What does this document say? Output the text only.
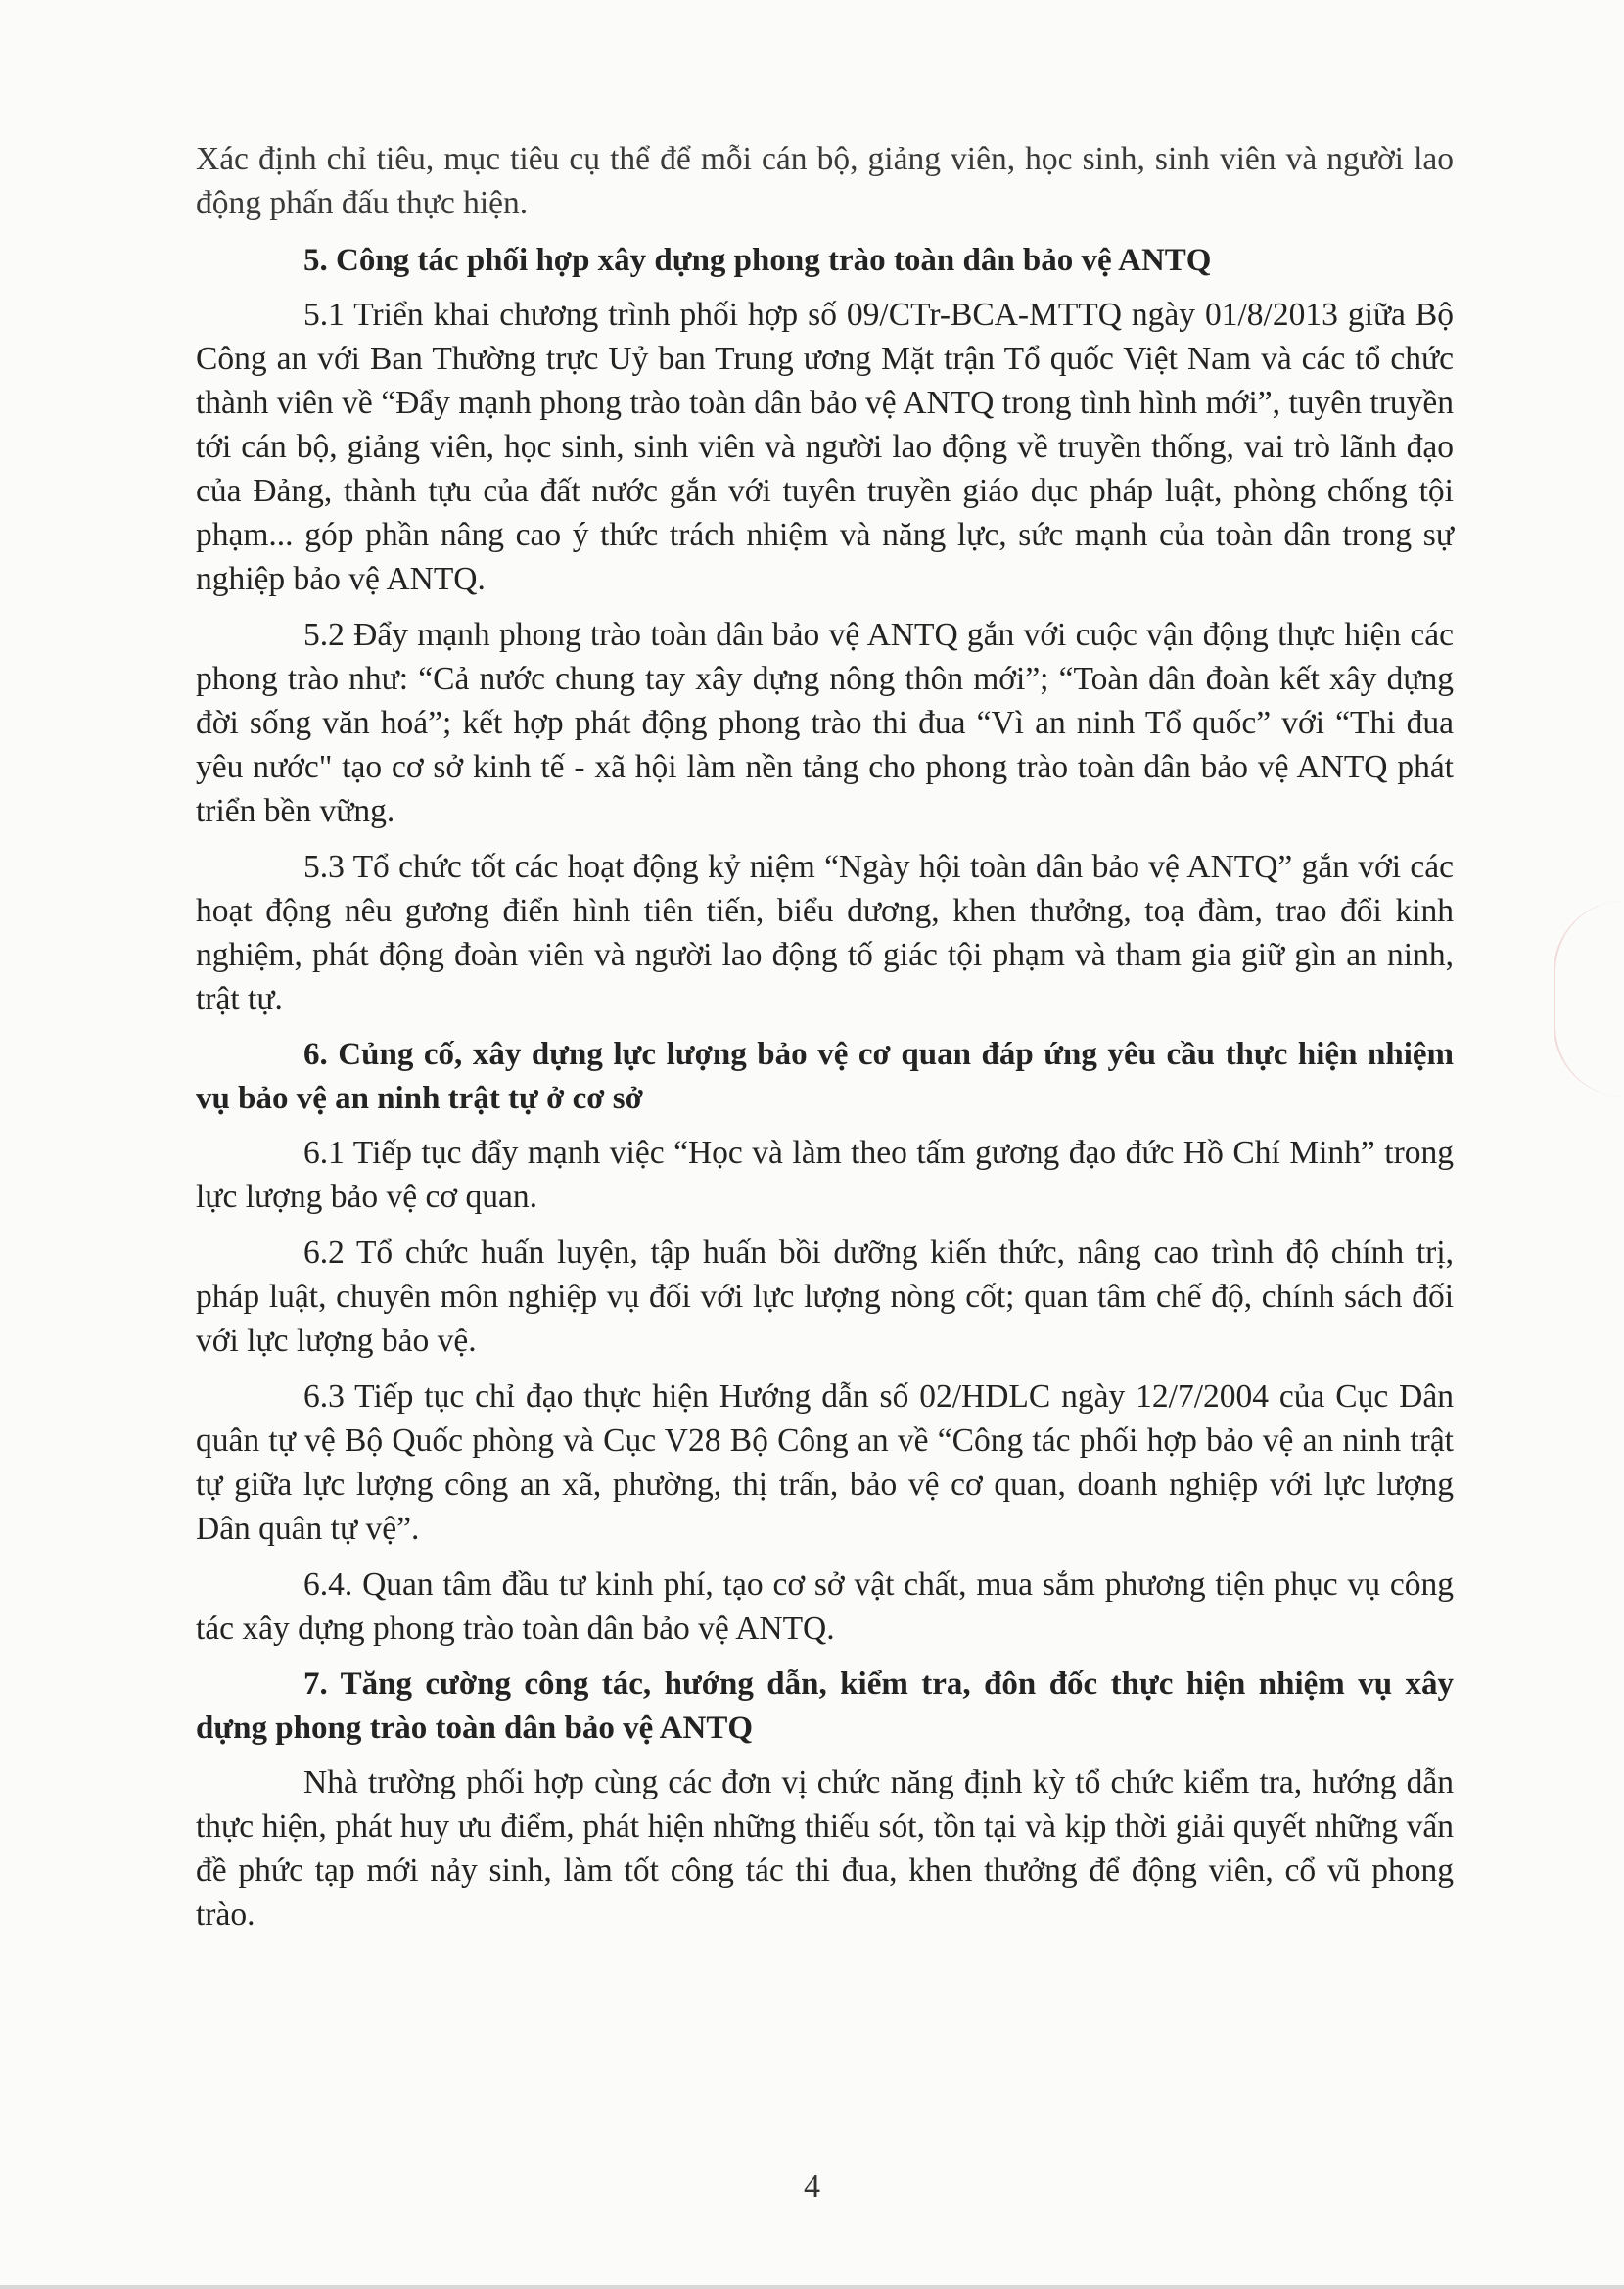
Xác định chỉ tiêu, mục tiêu cụ thể để mỗi cán bộ, giảng viên, học sinh, sinh viên và người lao động phấn đấu thực hiện.

5. Công tác phối hợp xây dựng phong trào toàn dân bảo vệ ANTQ

5.1 Triển khai chương trình phối hợp số 09/CTr-BCA-MTTQ ngày 01/8/2013 giữa Bộ Công an với Ban Thường trực Uỷ ban Trung ương Mặt trận Tổ quốc Việt Nam và các tổ chức thành viên về “Đẩy mạnh phong trào toàn dân bảo vệ ANTQ trong tình hình mới”, tuyên truyền tới cán bộ, giảng viên, học sinh, sinh viên và người lao động về truyền thống, vai trò lãnh đạo của Đảng, thành tựu của đất nước gắn với tuyên truyền giáo dục pháp luật, phòng chống tội phạm... góp phần nâng cao ý thức trách nhiệm và năng lực, sức mạnh của toàn dân trong sự nghiệp bảo vệ ANTQ.

5.2 Đẩy mạnh phong trào toàn dân bảo vệ ANTQ gắn với cuộc vận động thực hiện các phong trào như: “Cả nước chung tay xây dựng nông thôn mới”; “Toàn dân đoàn kết xây dựng đời sống văn hoá”; kết hợp phát động phong trào thi đua “Vì an ninh Tổ quốc” với “Thi đua yêu nước" tạo cơ sở kinh tế - xã hội làm nền tảng cho phong trào toàn dân bảo vệ ANTQ phát triển bền vững.

5.3 Tổ chức tốt các hoạt động kỷ niệm “Ngày hội toàn dân bảo vệ ANTQ” gắn với các hoạt động nêu gương điển hình tiên tiến, biểu dương, khen thưởng, toạ đàm, trao đổi kinh nghiệm, phát động đoàn viên và người lao động tố giác tội phạm và tham gia giữ gìn an ninh, trật tự.

6. Củng cố, xây dựng lực lượng bảo vệ cơ quan đáp ứng yêu cầu thực hiện nhiệm vụ bảo vệ an ninh trật tự ở cơ sở

6.1 Tiếp tục đẩy mạnh việc “Học và làm theo tấm gương đạo đức Hồ Chí Minh” trong lực lượng bảo vệ cơ quan.

6.2 Tổ chức huấn luyện, tập huấn bồi dưỡng kiến thức, nâng cao trình độ chính trị, pháp luật, chuyên môn nghiệp vụ đối với lực lượng nòng cốt; quan tâm chế độ, chính sách đối với lực lượng bảo vệ.

6.3 Tiếp tục chỉ đạo thực hiện Hướng dẫn số 02/HDLC ngày 12/7/2004 của Cục Dân quân tự vệ Bộ Quốc phòng và Cục V28 Bộ Công an về “Công tác phối hợp bảo vệ an ninh trật tự giữa lực lượng công an xã, phường, thị trấn, bảo vệ cơ quan, doanh nghiệp với lực lượng Dân quân tự vệ”.

6.4. Quan tâm đầu tư kinh phí, tạo cơ sở vật chất, mua sắm phương tiện phục vụ công tác xây dựng phong trào toàn dân bảo vệ ANTQ.

7. Tăng cường công tác, hướng dẫn, kiểm tra, đôn đốc thực hiện nhiệm vụ xây dựng phong trào toàn dân bảo vệ ANTQ

Nhà trường phối hợp cùng các đơn vị chức năng định kỳ tổ chức kiểm tra, hướng dẫn thực hiện, phát huy ưu điểm, phát hiện những thiếu sót, tồn tại và kịp thời giải quyết những vấn đề phức tạp mới nảy sinh, làm tốt công tác thi đua, khen thưởng để động viên, cổ vũ phong trào.

4
